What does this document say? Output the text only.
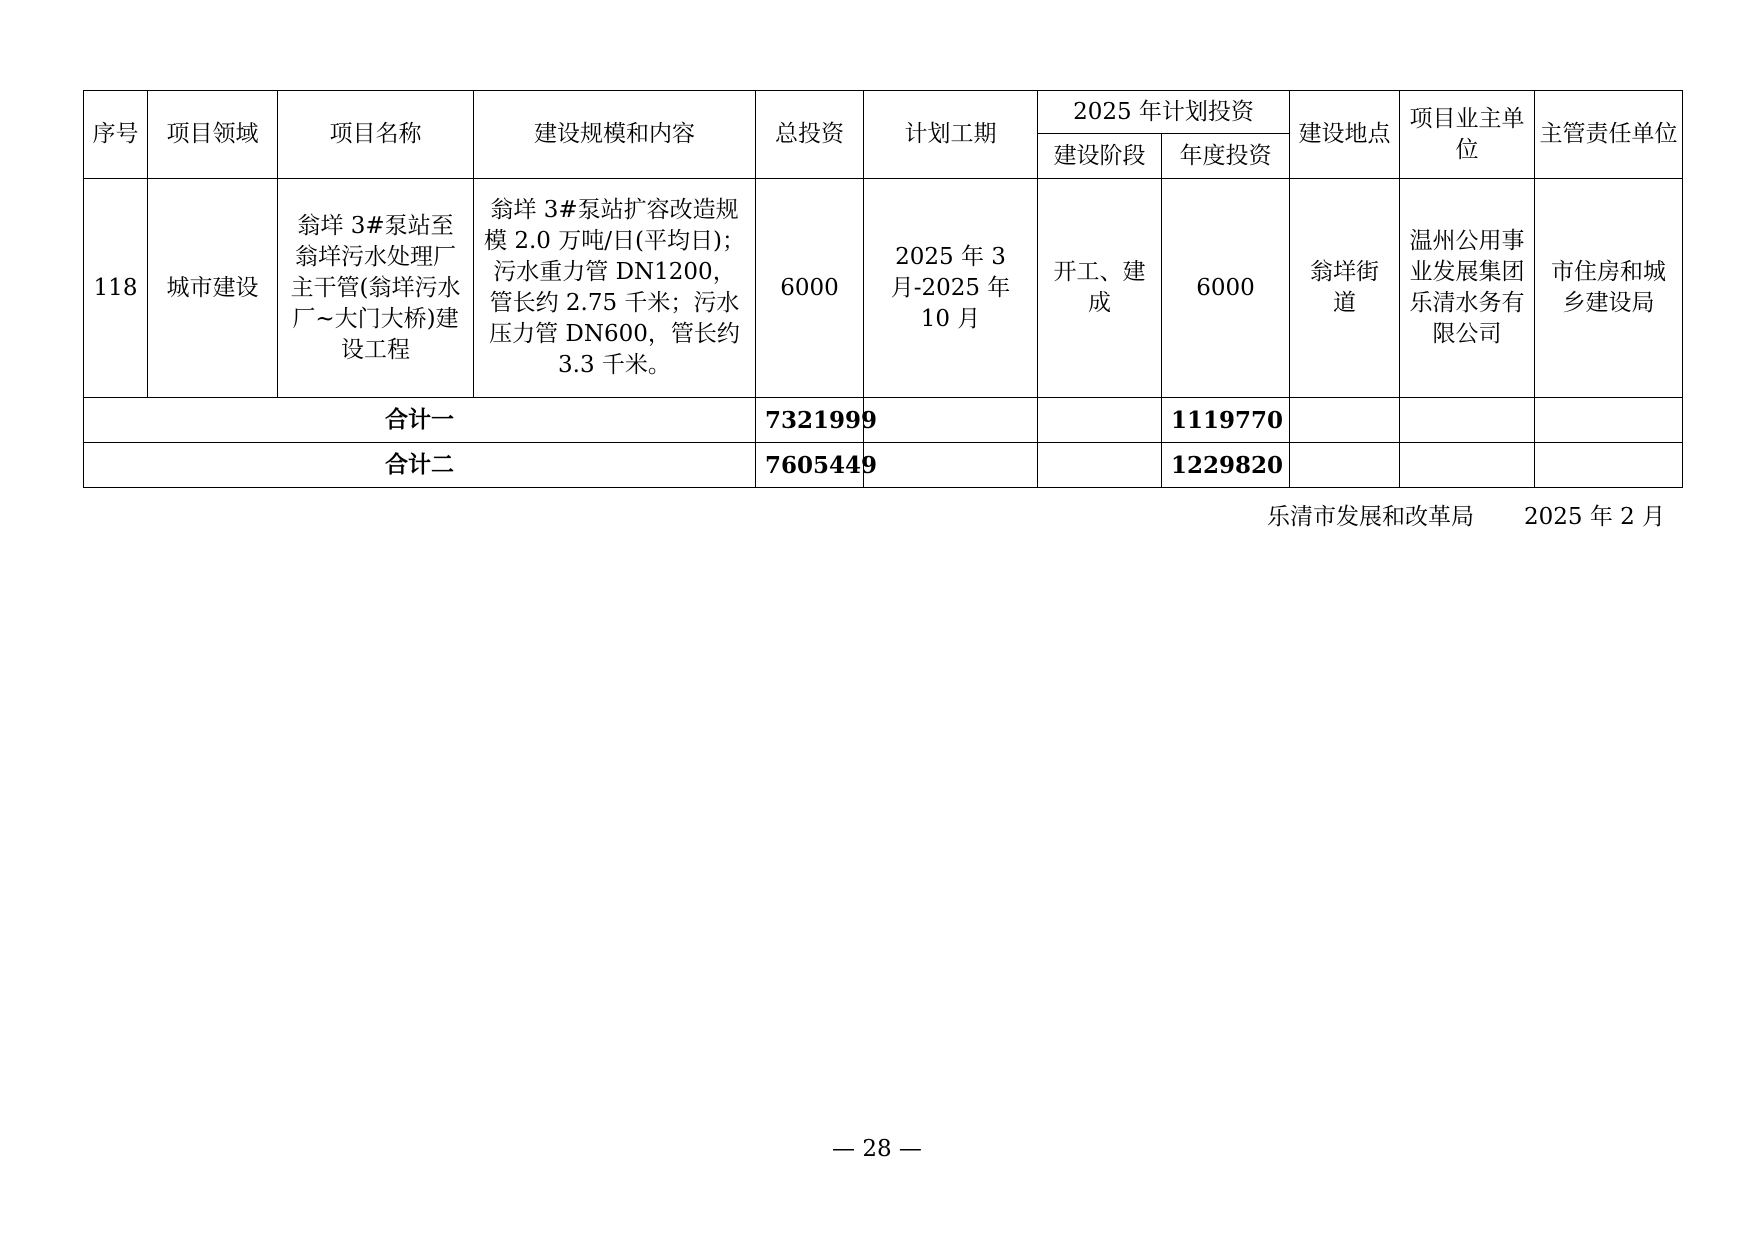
序号	项目领域	项目名称	建设规模和内容	总投资	计划工期	2025 年计划投资		建设地点	项目业主单位	主管责任单位
						建设阶段	年度投资			
118	城市建设	翁垟 3#泵站至翁垟污水处理厂主干管(翁垟污水厂~大门大桥)建设工程	翁垟 3#泵站扩容改造规模 2.0 万吨/日(平均日)；污水重力管 DN1200，管长约 2.75 千米；污水压力管 DN600，管长约 3.3 千米。	6000	2025 年 3 月-2025 年 10 月	开工、建成	6000	翁垟街道	温州公用事业发展集团乐清水务有限公司	市住房和城乡建设局
合计一				7321999			1119770			
合计二				7605449			1229820			
乐清市发展和改革局 2025 年 2 月
— 28 —
